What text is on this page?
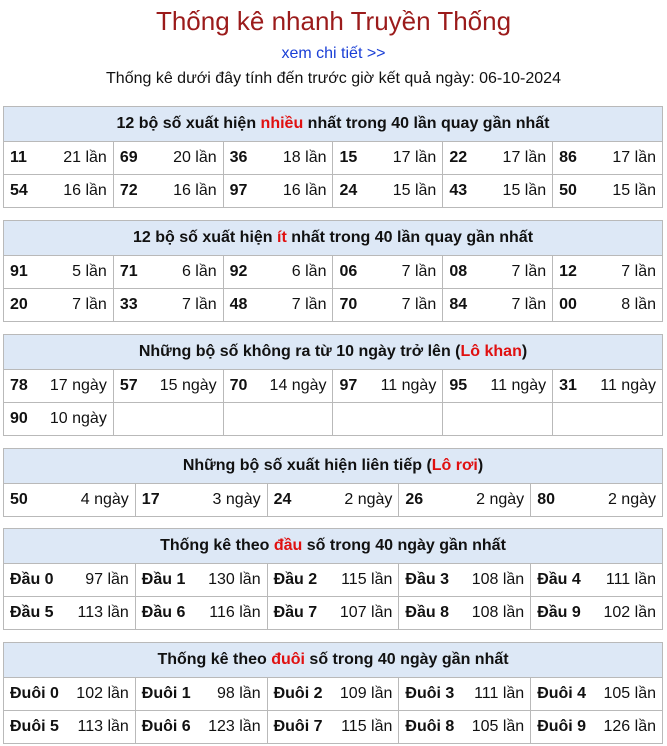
Thống kê nhanh Truyền Thống
xem chi tiết >>
Thống kê dưới đây tính đến trước giờ kết quả ngày: 06-10-2024
12 bộ số xuất hiện nhiều nhất trong 40 lần quay gần nhất					

11 21 lần	69 20 lần	36 18 lần	15 17 lần	22 17 lần	86 17 lần

54 16 lần	72 16 lần	97 16 lần	24 15 lần	43 15 lần	50 15 lần
12 bộ số xuất hiện ít nhất trong 40 lần quay gần nhất					

91 5 lần	71 6 lần	92 6 lần	06 7 lần	08 7 lần	12 7 lần

20 7 lần	33 7 lần	48 7 lần	70 7 lần	84 7 lần	00 8 lần
Những bộ số không ra từ 10 ngày trở lên (Lô khan)					

78 17 ngày	57 15 ngày	70 14 ngày	97 11 ngày	95 11 ngày	31 11 ngày

90 10 ngày					

Những bộ số xuất hiện liên tiếp (Lô rơi)

50	4 ngày	17	3 ngày	24	2 ngày	26	2 ngày	80	2 ngày
Thống kê theo đầu số trong 40 ngày gần nhất				

Đầu 0 97 lần	Đầu 1 130 lần	Đầu 2 115 lần	Đầu 3 108 lần	Đầu 4 111 lần

Đầu 5 113 lần	Đầu 6 116 lần	Đầu 7 107 lần	Đầu 8 108 lần	Đầu 9 102 lần
Thống kê theo đuôi số trong 40 ngày gần nhất				

Đuôi 0 102 lần	Đuôi 1 98 lần	Đuôi 2 109 lần	Đuôi 3 111 lần	Đuôi 4 105 lần

Đuôi 5 113 lần	Đuôi 6 123 lần	Đuôi 7 115 lần	Đuôi 8 105 lần	Đuôi 9 126 lần
